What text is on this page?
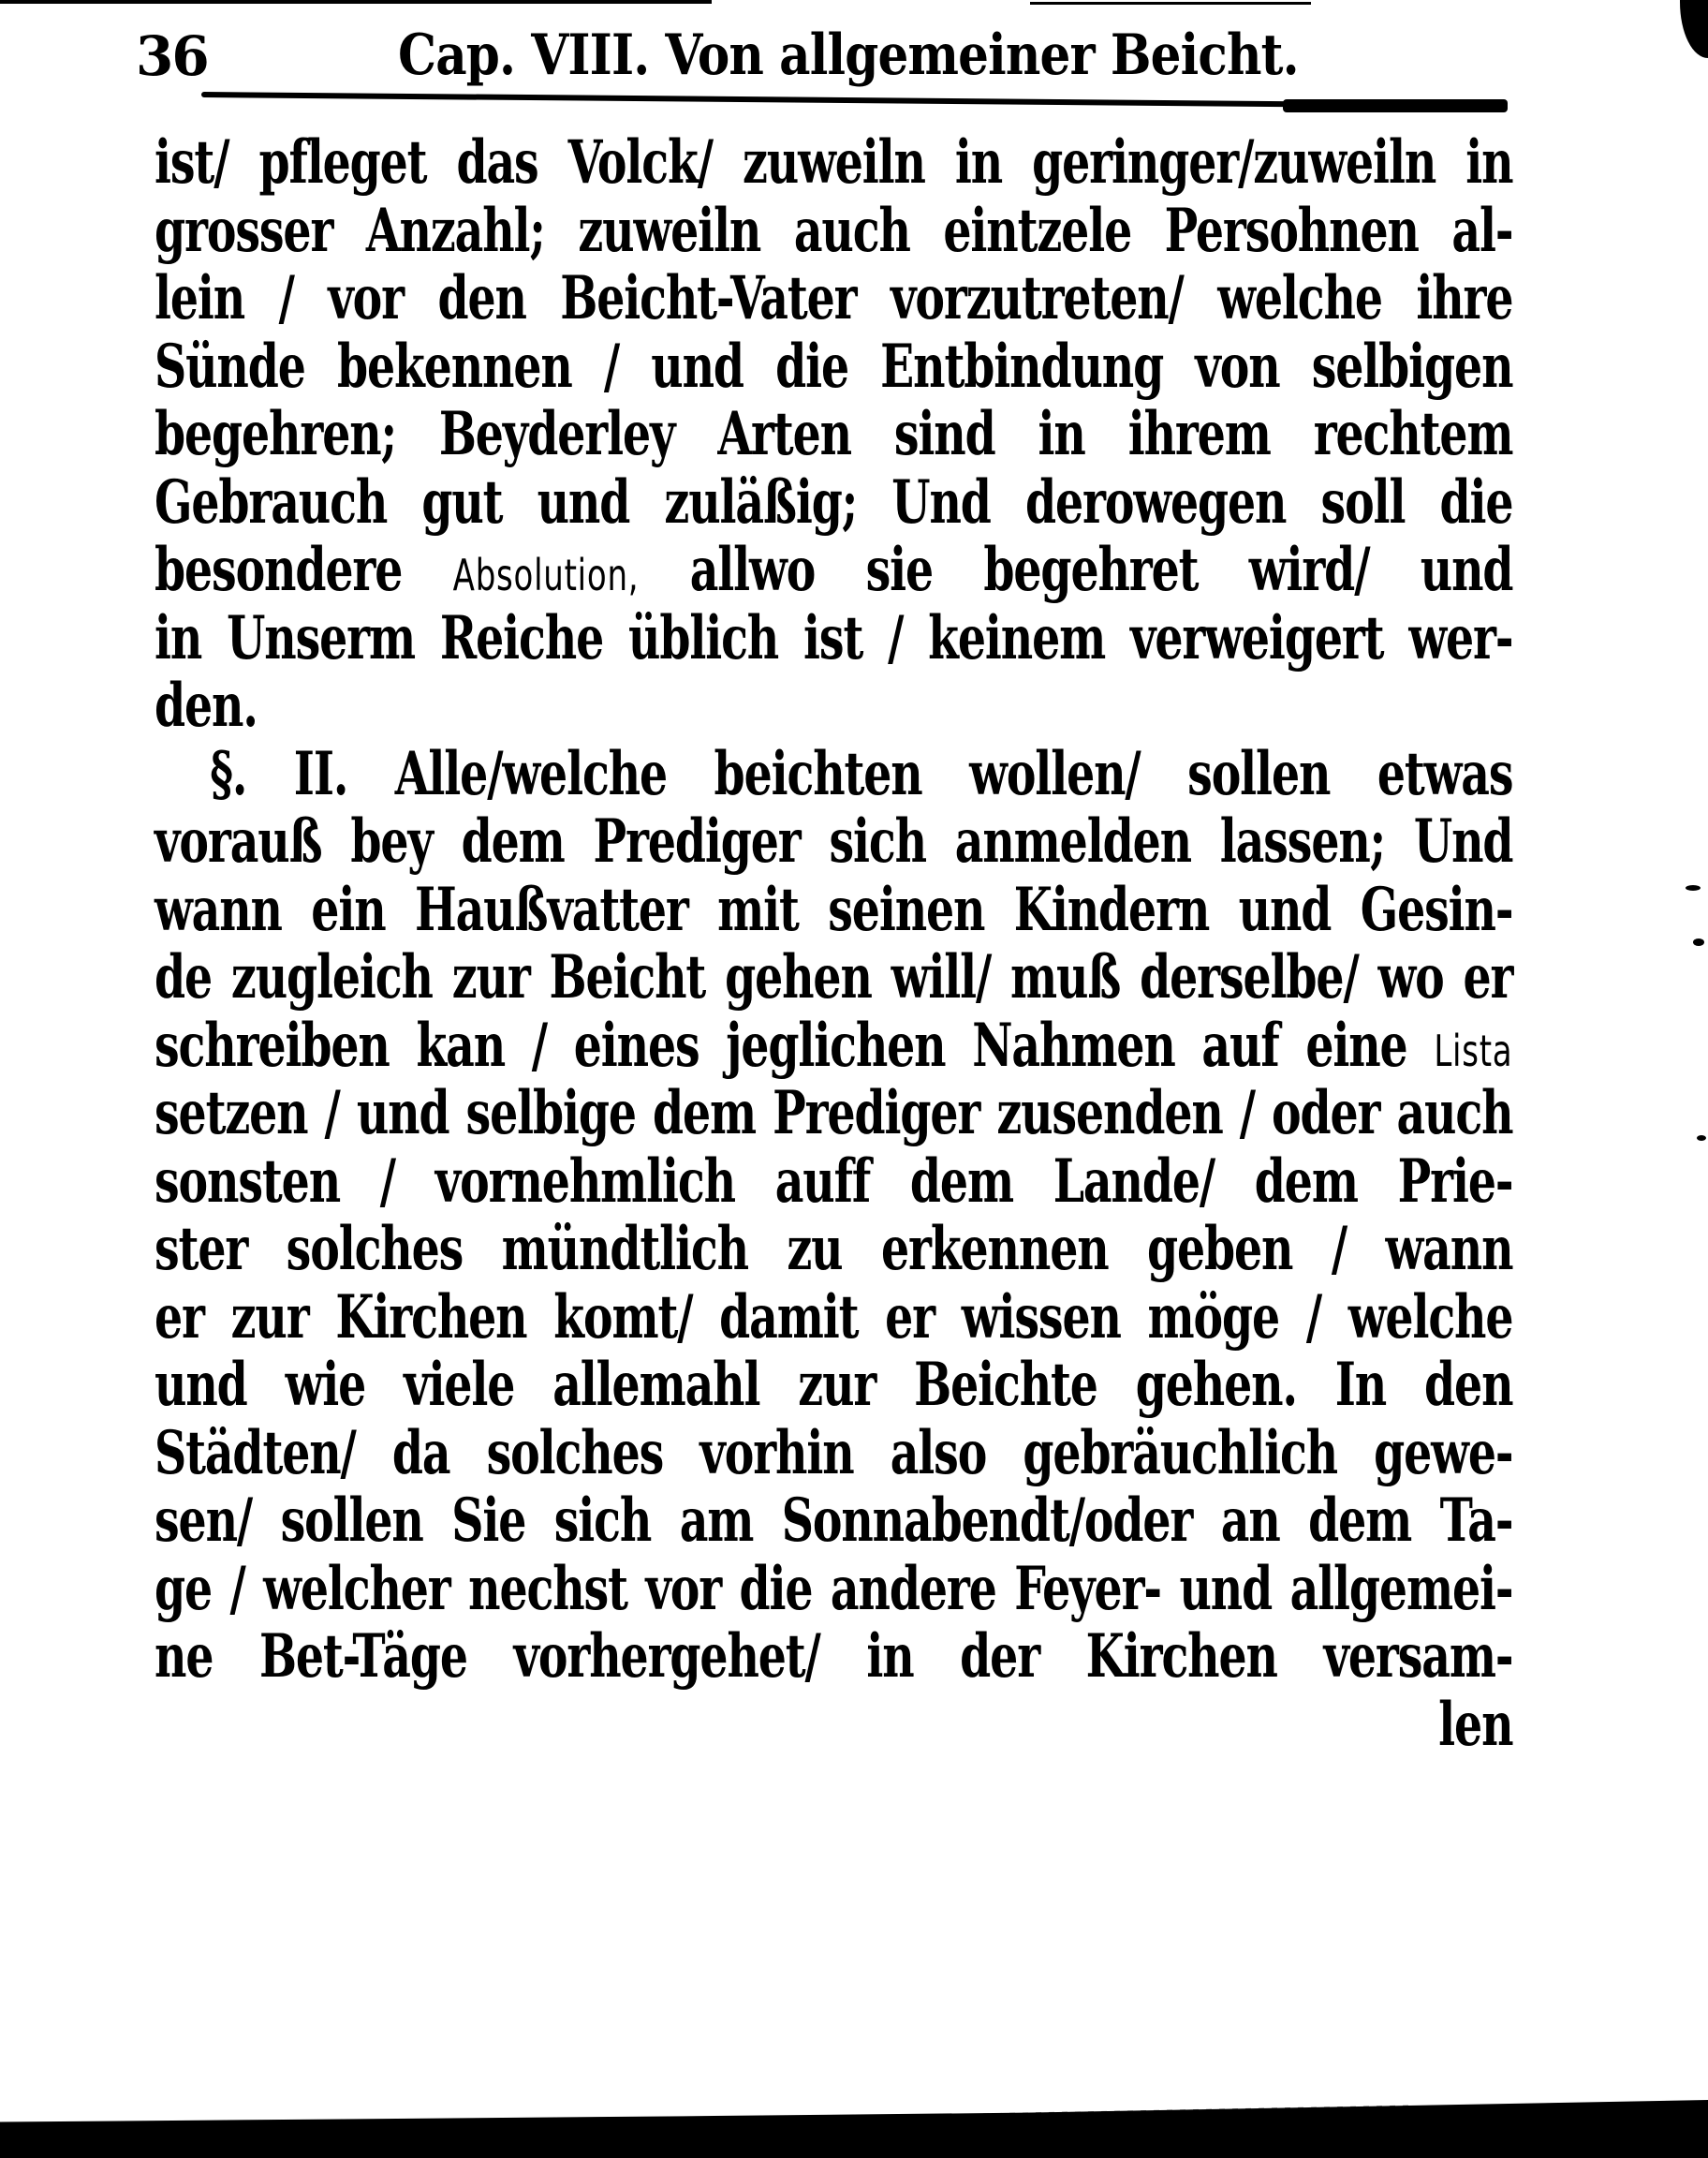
36	Cap. VIII. Von allgemeiner Beicht.
ist/ pfleget das Volck/ zuweiln in geringer/zuweiln in
grosser Anzahl; zuweiln auch eintzele Persohnen al-
lein / vor den Beicht-Vater vorzutreten/ welche ihre
Sünde bekennen / und die Entbindung von selbigen
begehren; Beyderley Arten sind in ihrem rechtem
Gebrauch gut und zuläßig; Und derowegen soll die
besondere Absolution, allwo sie begehret wird/ und
in Unserm Reiche üblich ist / keinem verweigert wer-
den.
§. II. Alle/welche beichten wollen/ sollen etwas
vorauß bey dem Prediger sich anmelden lassen; Und
wann ein Haußvatter mit seinen Kindern und Gesin-
de zugleich zur Beicht gehen will/ muß derselbe/ wo er
schreiben kan / eines jeglichen Nahmen auf eine Lista
setzen / und selbige dem Prediger zusenden / oder auch
sonsten / vornehmlich auff dem Lande/ dem Prie-
ster solches mündtlich zu erkennen geben / wann
er zur Kirchen komt/ damit er wissen möge / welche
und wie viele allemahl zur Beichte gehen. In den
Städten/ da solches vorhin also gebräuchlich gewe-
sen/ sollen Sie sich am Sonnabendt/oder an dem Ta-
ge / welcher nechst vor die andere Feyer- und allgemei-
ne Bet-Täge vorhergehet/ in der Kirchen versam-
len
